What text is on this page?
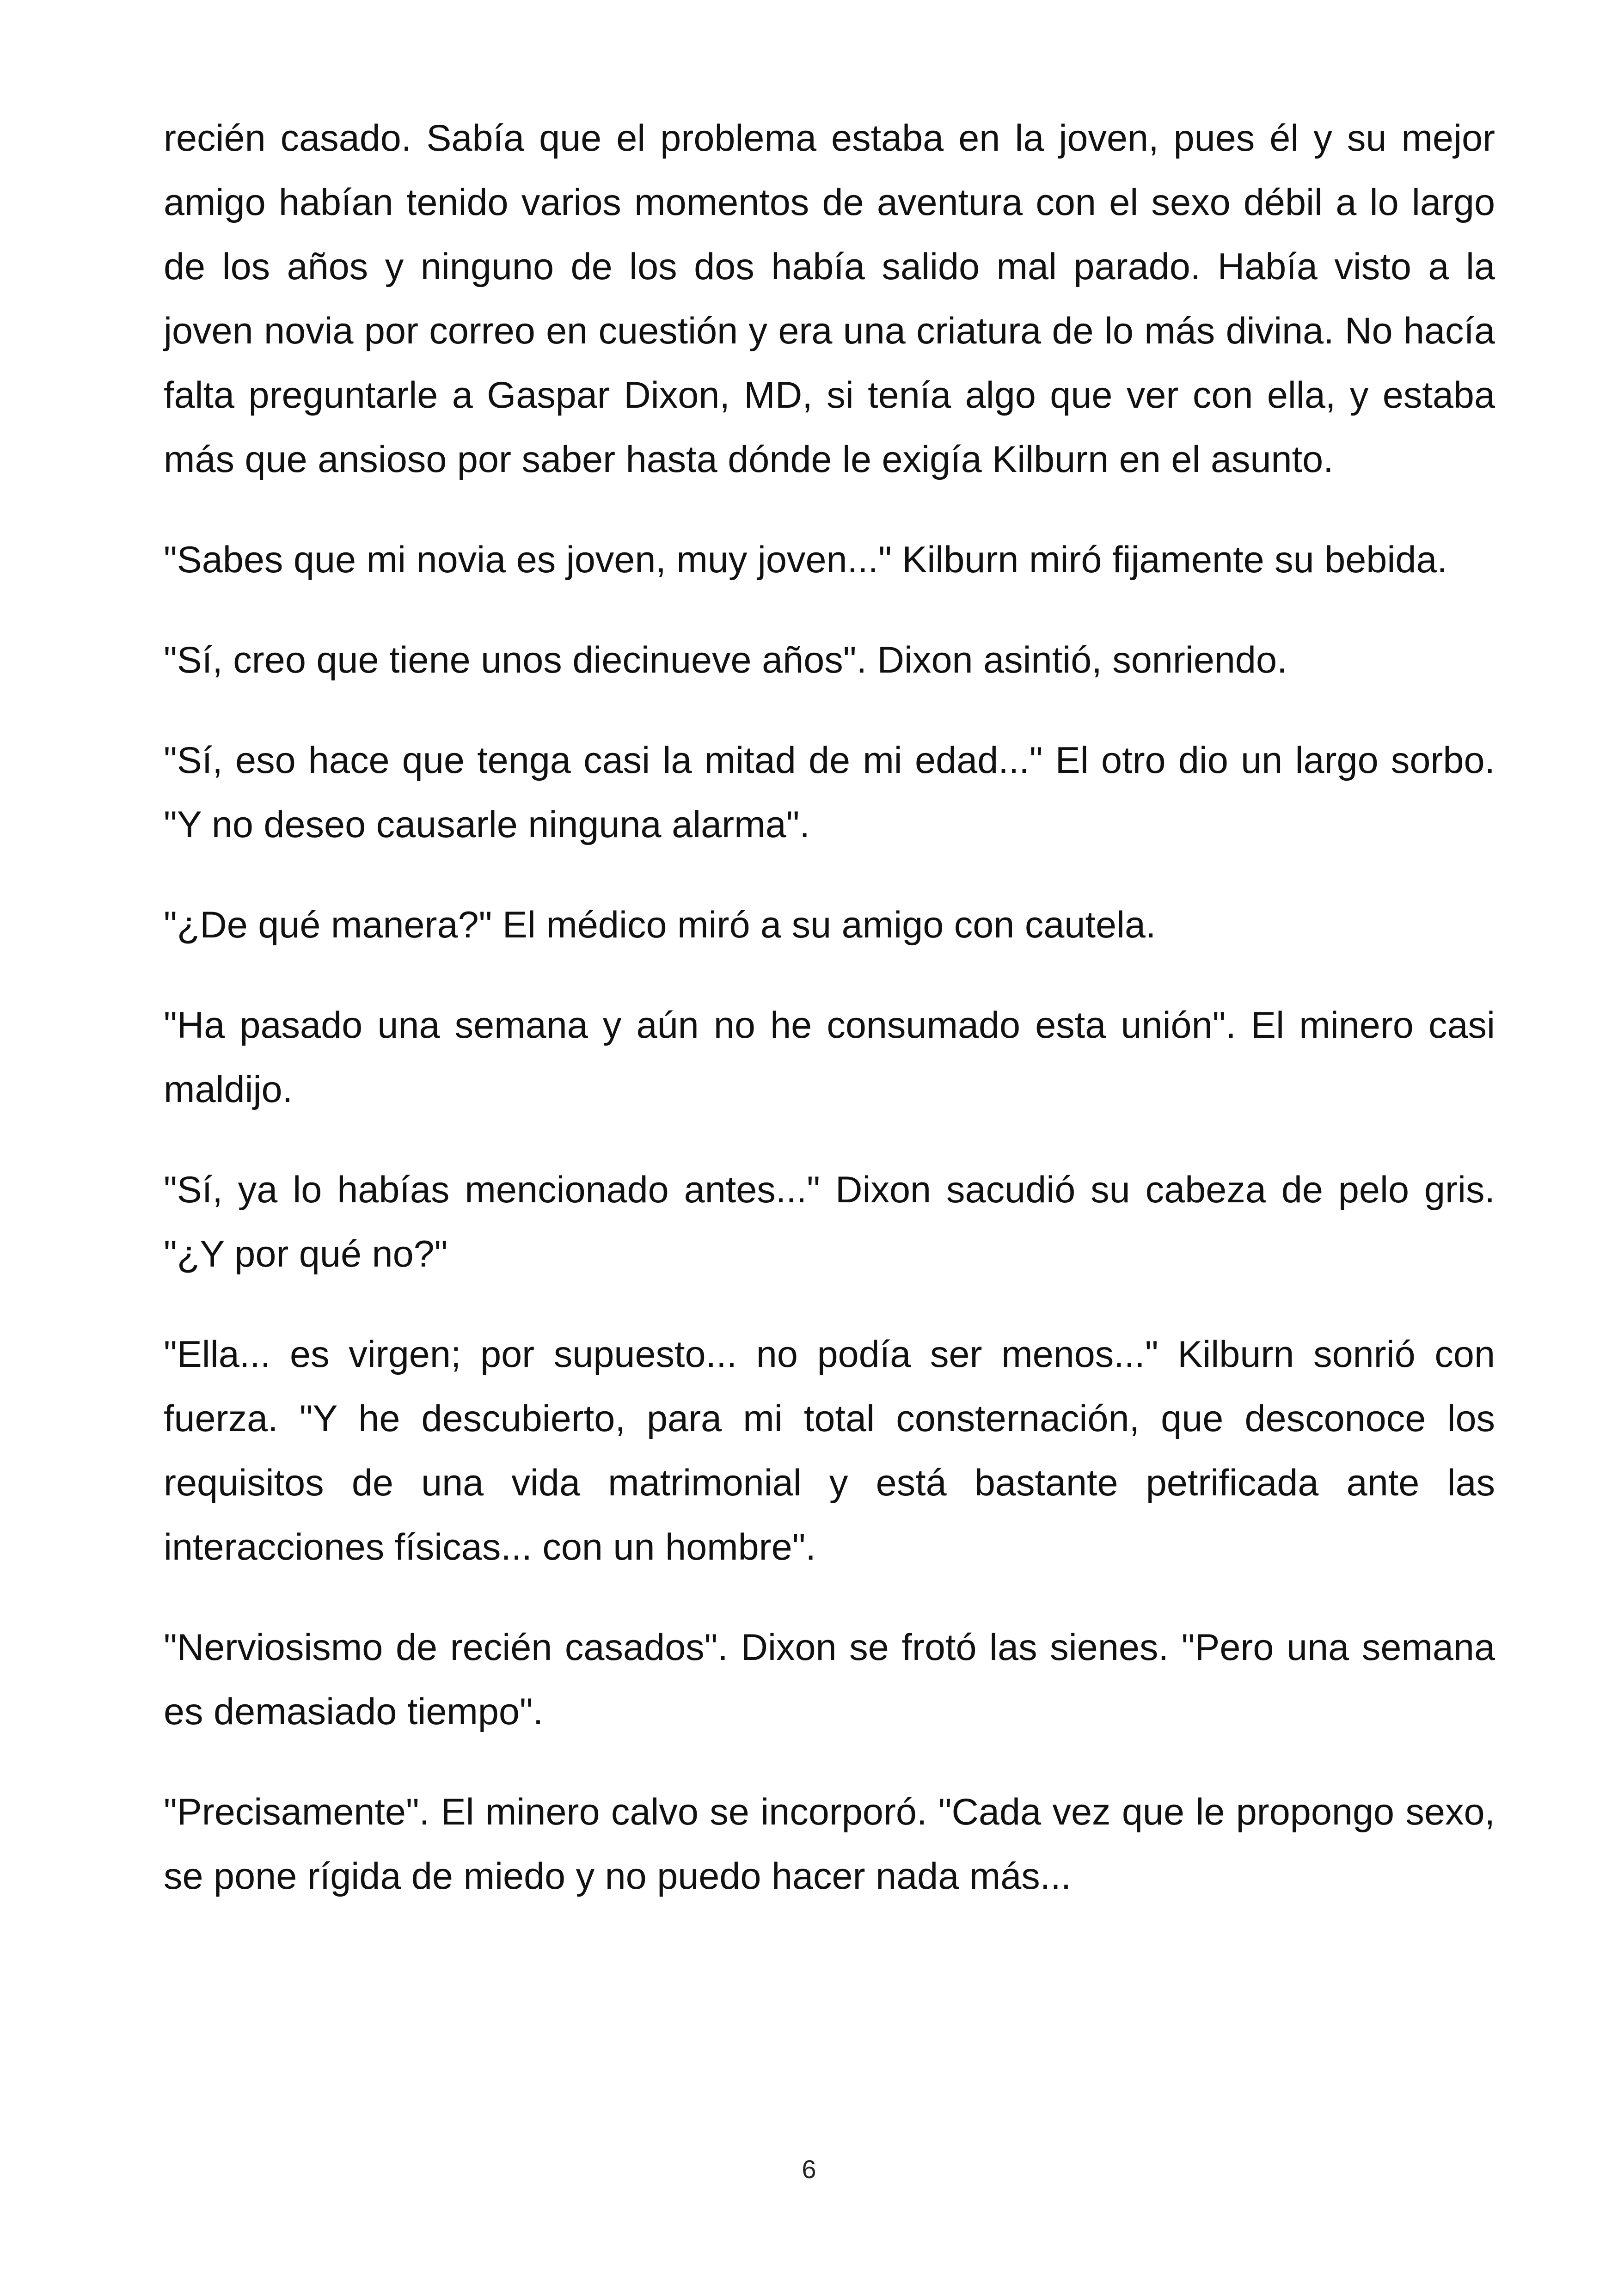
recién casado. Sabía que el problema estaba en la joven, pues él y su mejor amigo habían tenido varios momentos de aventura con el sexo débil a lo largo de los años y ninguno de los dos había salido mal parado. Había visto a la joven novia por correo en cuestión y era una criatura de lo más divina. No hacía falta preguntarle a Gaspar Dixon, MD, si tenía algo que ver con ella, y estaba más que ansioso por saber hasta dónde le exigía Kilburn en el asunto.

"Sabes que mi novia es joven, muy joven..." Kilburn miró fijamente su bebida.

"Sí, creo que tiene unos diecinueve años". Dixon asintió, sonriendo.

"Sí, eso hace que tenga casi la mitad de mi edad..." El otro dio un largo sorbo. "Y no deseo causarle ninguna alarma".

"¿De qué manera?" El médico miró a su amigo con cautela.

"Ha pasado una semana y aún no he consumado esta unión". El minero casi maldijo.

"Sí, ya lo habías mencionado antes..." Dixon sacudió su cabeza de pelo gris. "¿Y por qué no?"

"Ella... es virgen; por supuesto... no podía ser menos..." Kilburn sonrió con fuerza. "Y he descubierto, para mi total consternación, que desconoce los requisitos de una vida matrimonial y está bastante petrificada ante las interacciones físicas... con un hombre".

"Nerviosismo de recién casados". Dixon se frotó las sienes. "Pero una semana es demasiado tiempo".

"Precisamente". El minero calvo se incorporó. "Cada vez que le propongo sexo, se pone rígida de miedo y no puedo hacer nada más...

6
